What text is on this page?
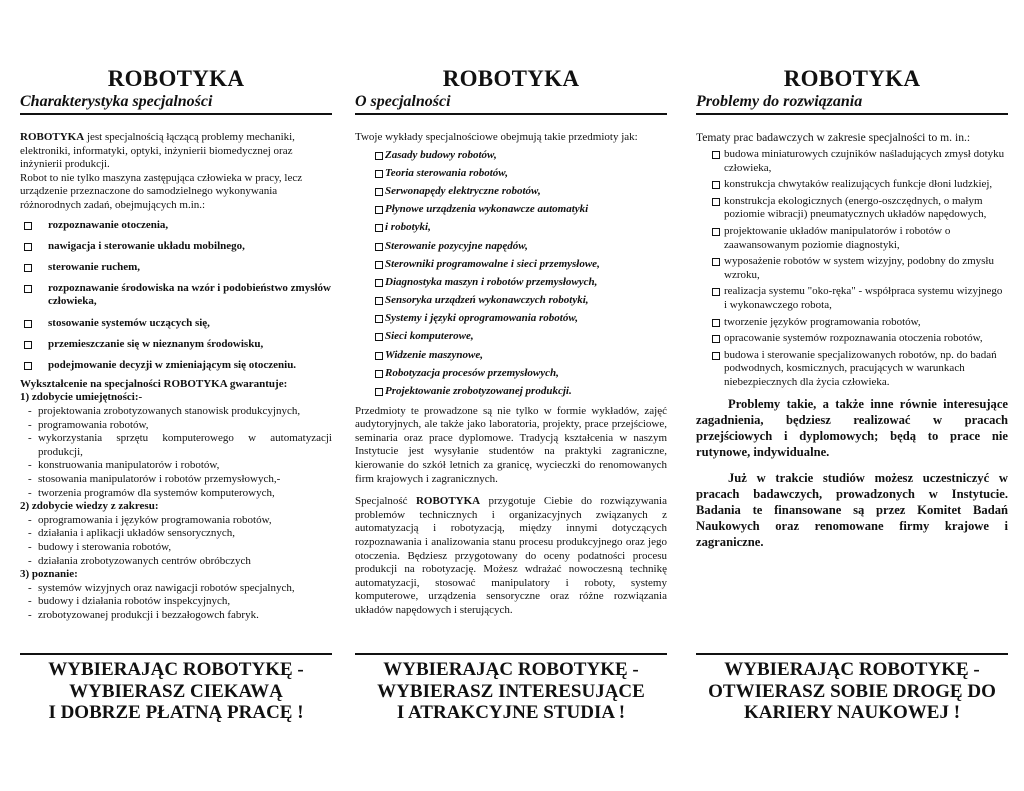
ROBOTYKA
Charakterystyka specjalności

ROBOTYKA jest specjalnością łączącą problemy mechaniki, elektroniki, informatyki, optyki, inżynierii biomedycznej oraz inżynierii produkcji.

Robot to nie tylko maszyna zastępująca człowieka w pracy, lecz urządzenie przeznaczone do samodzielnego wykonywania różnorodnych zadań, obejmujących m.in.:

rozpoznawanie otoczenia,
nawigacja i sterowanie układu mobilnego,
sterowanie ruchem,
rozpoznawanie środowiska na wzór i podobieństwo zmysłów człowieka,
stosowanie systemów uczących się,
przemieszczanie się w nieznanym środowisku,
podejmowanie decyzji w zmieniającym się otoczeniu.

Wykształcenie na specjalności ROBOTYKA gwarantuje:

1) zdobycie umiejętności:-

- projektowania zrobotyzowanych stanowisk produkcyjnych,
- programowania robotów,
- wykorzystania sprzętu komputerowego w automatyzacji produkcji,
- konstruowania manipulatorów i robotów,
- stosowania manipulatorów i robotów przemysłowych,-
- tworzenia programów dla systemów komputerowych,

2) zdobycie wiedzy z zakresu:

- oprogramowania i języków programowania robotów,
- działania i aplikacji układów sensorycznych,
- budowy i sterowania robotów,
- działania zrobotyzowanych centrów obróbczych

3) poznanie:

- systemów wizyjnych oraz nawigacji robotów specjalnych,
- budowy i działania robotów inspekcyjnych,
- zrobotyzowanej produkcji i bezzałogowch fabryk.
ROBOTYKA
O specjalności

Twoje wykłady specjalnościowe obejmują takie przedmioty jak:

Zasady budowy robotów,
Teoria sterowania robotów,
Serwonapędy elektryczne robotów,
Płynowe urządzenia wykonawcze automatyki
i robotyki,
Sterowanie pozycyjne napędów,
Sterowniki programowalne i sieci przemysłowe,
Diagnostyka maszyn i robotów przemysłowych,
Sensoryka urządzeń wykonawczych robotyki,
Systemy i języki oprogramowania robotów,
Sieci komputerowe,
Widzenie maszynowe,
Robotyzacja procesów przemysłowych,
Projektowanie zrobotyzowanej produkcji.

Przedmioty te prowadzone są nie tylko w formie wykładów, zajęć audytoryjnych, ale także jako laboratoria, projekty, prace przejściowe, seminaria oraz prace dyplomowe. Tradycją kształcenia w naszym Instytucie jest wysyłanie studentów na praktyki zagraniczne, kierowanie do szkół letnich za granicę, wycieczki do renomowanych firm krajowych i zagranicznych.

Specjalność ROBOTYKA przygotuje Ciebie do rozwiązywania problemów technicznych i organizacyjnych związanych z automatyzacją i robotyzacją, między innymi dotyczących rozpoznawania i analizowania stanu procesu produkcyjnego oraz jego otoczenia. Będziesz przygotowany do oceny podatności procesu produkcji na robotyzację. Możesz wdrażać nowoczesną technikę automatyzacji, stosować manipulatory i roboty, systemy komputerowe, urządzenia sensoryczne oraz różne rozwiązania układów napędowych i sterujących.

ROBOTYKA
Problemy do rozwiązania

Tematy prac badawczych w zakresie specjalności to m. in.:

budowa miniaturowych czujników naśladujących zmysł dotyku człowieka,
konstrukcja chwytaków realizujących funkcje dłoni ludzkiej,
konstrukcja ekologicznych (energo-oszczędnych, o małym poziomie wibracji) pneumatycznych układów napędowych,
projektowanie układów manipulatorów i robotów o zaawansowanym poziomie diagnostyki,
wyposażenie robotów w system wizyjny, podobny do zmysłu wzroku,
realizacja systemu "oko-ręka" - współpraca systemu wizyjnego i wykonawczego robota,
tworzenie języków programowania robotów,
opracowanie systemów rozpoznawania otoczenia robotów,
budowa i sterowanie specjalizowanych robotów, np. do badań podwodnych, kosmicznych, pracujących w warunkach niebezpiecznych dla życia człowieka.

Problemy takie, a także inne równie interesujące zagadnienia, będziesz realizować w pracach przejściowych i dyplomowych; będą to prace nie rutynowe, indywidualne.

Już w trakcie studiów możesz uczestniczyć w pracach badawczych, prowadzonych w Instytucie. Badania te finansowane są przez Komitet Badań Naukowych oraz renomowane firmy krajowe i zagraniczne.

WYBIERAJĄC ROBOTYKĘ -
WYBIERASZ CIEKAWĄ
I DOBRZE PŁATNĄ PRACĘ !
WYBIERAJĄC ROBOTYKĘ -
WYBIERASZ INTERESUJĄCE
I ATRAKCYJNE STUDIA !
WYBIERAJĄC ROBOTYKĘ -
OTWIERASZ SOBIE DROGĘ DO
KARIERY NAUKOWEJ !
